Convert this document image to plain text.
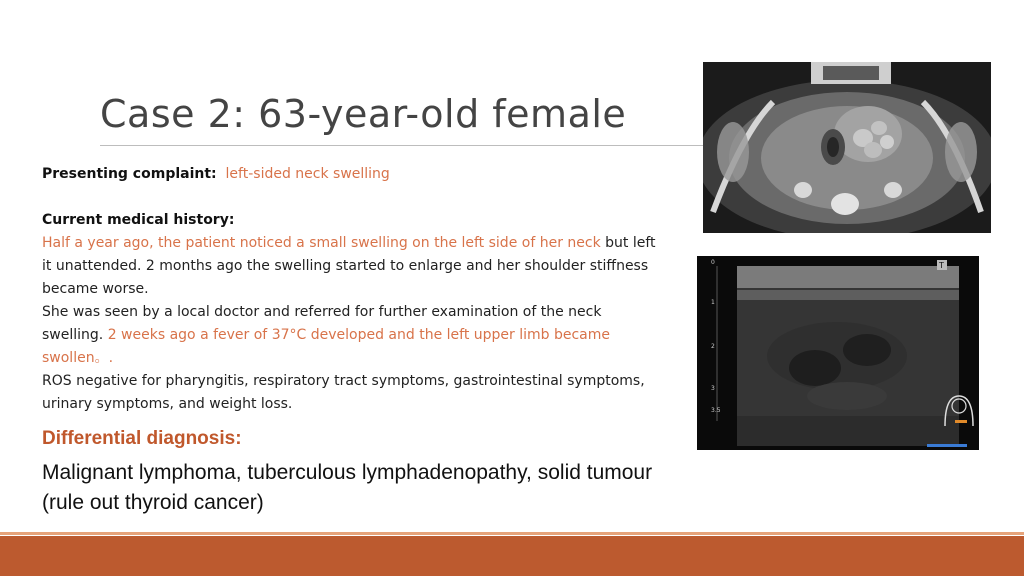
Case 2: 63-year-old female

Presenting complaint: left-sided neck swelling

Current medical history:

Half a year ago, the patient noticed a small swelling on the left side of her neck but left it unattended. 2 months ago the swelling started to enlarge and her shoulder stiffness became worse.

She was seen by a local doctor and referred for further examination of the neck swelling. 2 weeks ago a fever of 37°C developed and the left upper limb became swollen。.

ROS negative for pharyngitis, respiratory tract symptoms, gastrointestinal symptoms, urinary symptoms, and weight loss.

Differential diagnosis:
Malignant lymphoma, tuberculous lymphadenopathy, solid tumour (rule out thyroid cancer)
0
1
2
3
3.5
T
